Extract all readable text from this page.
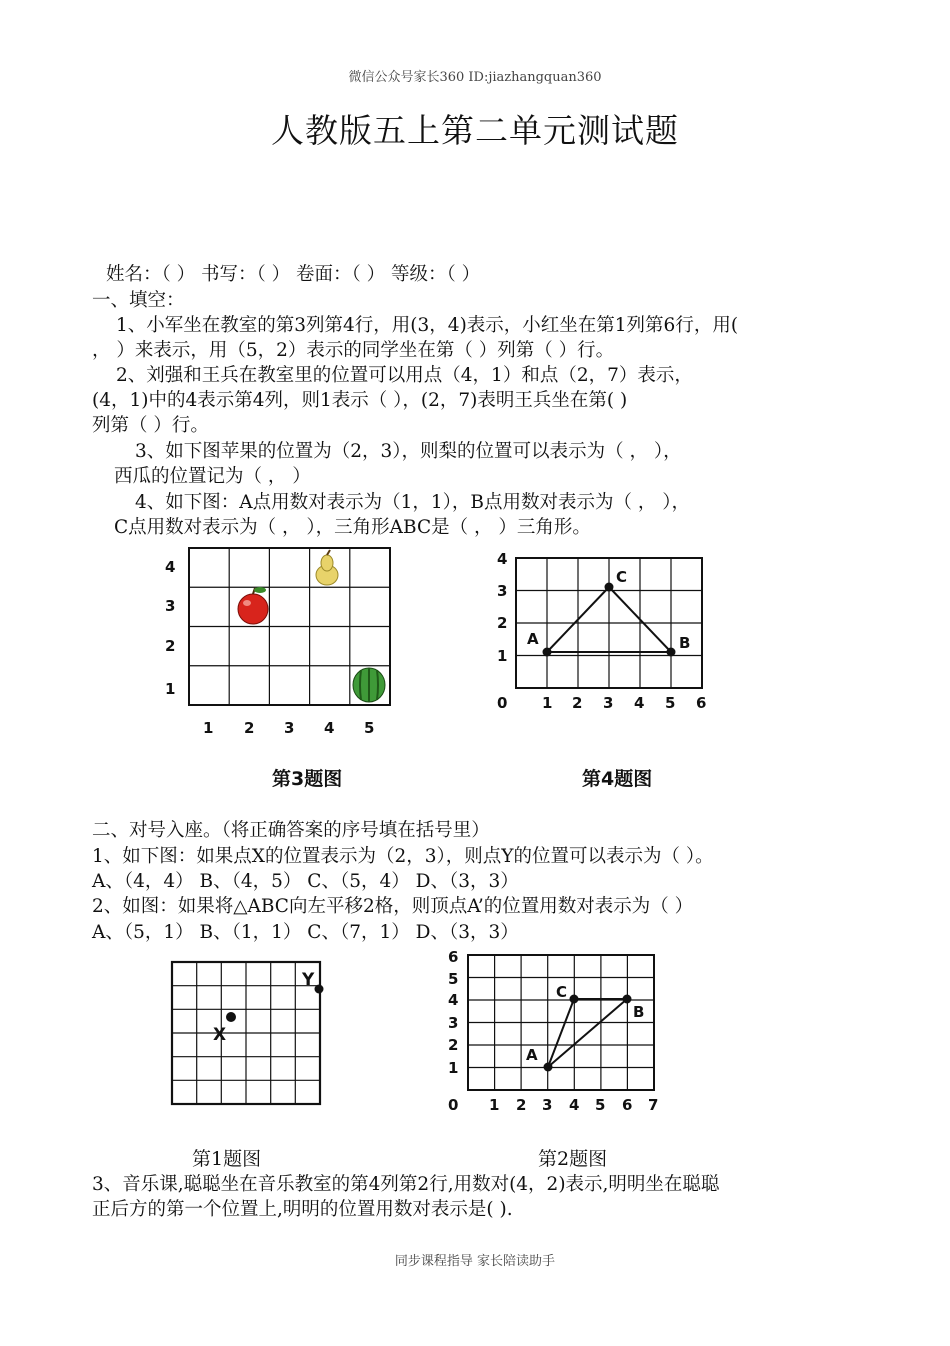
微信公众号家长360 ID:jiazhangquan360
人教版五上第二单元测试题
姓名：（ ） 书写：（ ） 卷面：（ ） 等级：（ ）
一、填空：
1、小军坐在教室的第3列第4行，用(3，4)表示，小红坐在第1列第6行，用(
， ）来表示，用（5，2）表示的同学坐在第（ ）列第（ ）行。
2、刘强和王兵在教室里的位置可以用点（4，1）和点（2，7）表示，
(4，1)中的4表示第4列，则1表示（ ），(2，7)表明王兵坐在第( )
列第（ ）行。
3、如下图苹果的位置为（2，3），则梨的位置可以表示为（ ， ），
西瓜的位置记为（ ， ）
4、如下图：A点用数对表示为（1，1），B点用数对表示为（ ， ），
C点用数对表示为（ ， ），三角形ABC是（ ， ）三角形。
4
3
2
1
1 2 3 4 5
A	B
C
4
3
2
1
0 1 2 3 4 5 6
第3题图	第4题图
二、对号入座。（将正确答案的序号填在括号里）
1、如下图：如果点X的位置表示为（2，3），则点Y的位置可以表示为（ ）。
A、（4，4） B、（4，5） C、（5，4） D、（3，3）
2、如图：如果将△ABC向左平移2格，则顶点A’的位置用数对表示为（ ）
A、（5，1） B、（1，1） C、（7，1） D、（3，3）
X
Y
A
B
C
6
5
4
3
2
1
0 1 2 3 4 5 6 7
第1题图	第2题图
3、音乐课,聪聪坐在音乐教室的第4列第2行,用数对(4，2)表示,明明坐在聪聪
正后方的第一个位置上,明明的位置用数对表示是( ).
同步课程指导 家长陪读助手
